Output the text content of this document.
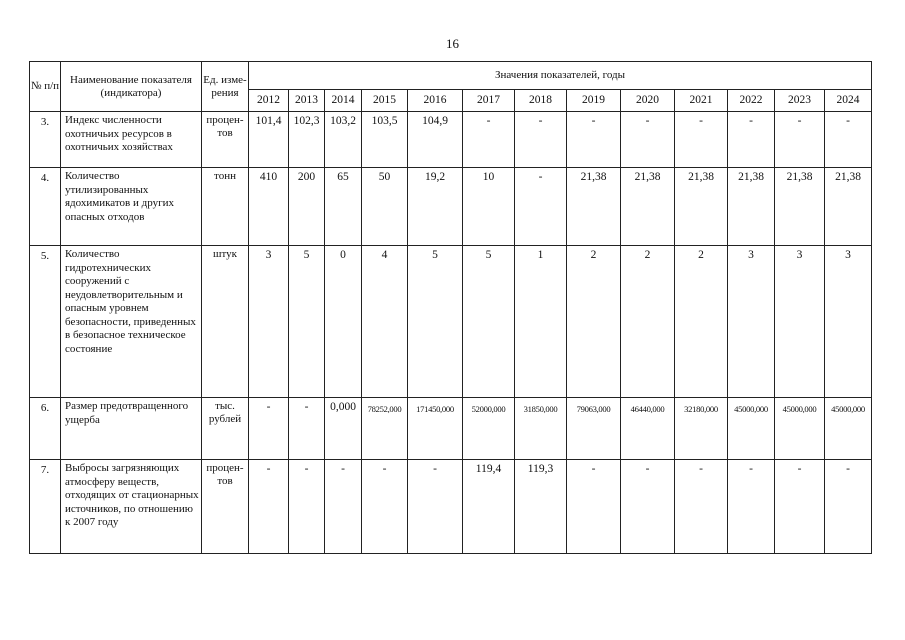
16
№ п/п	Наименование показателя (индикатора)	Ед. изме-рения	Значения показателей, годы												
			2012	2013	2014	2015	2016	2017	2018	2019	2020	2021	2022	2023	2024
3.	Индекс численности охотничьих ресурсов в охотничьих хозяйствах	процен-тов	101,4	102,3	103,2	103,5	104,9	-	-	-	-	-	-	-	-
4.	Количество утилизированных ядохимикатов и других опасных отходов	тонн	410	200	65	50	19,2	10	-	21,38	21,38	21,38	21,38	21,38	21,38
5.	Количество гидротехнических сооружений с неудовлетворительным и опасным уровнем безопасности, приведенных в безопасное техническое состояние	штук	3	5	0	4	5	5	1	2	2	2	3	3	3
6.	Размер предотвращенного ущерба	тыс. рублей	-	-	0,000	78252,000	171450,000	52000,000	31850,000	79063,000	46440,000	32180,000	45000,000	45000,000	45000,000
7.	Выбросы загрязняющих атмосферу веществ, отходящих от стационарных источников, по отношению к 2007 году	процен-тов	-	-	-	-	-	119,4	119,3	-	-	-	-	-	-
